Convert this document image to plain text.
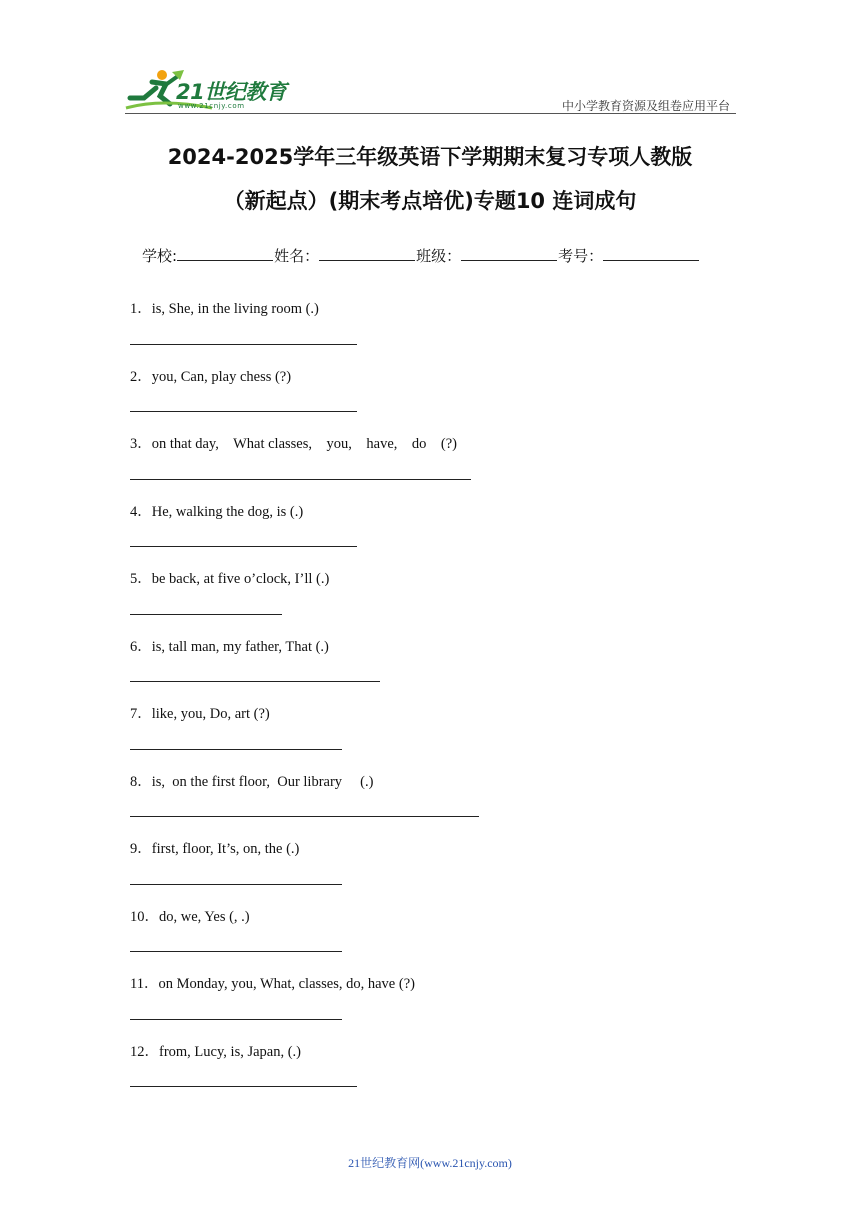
21世纪教育
www.21cnjy.com	中小学教育资源及组卷应用平台
2024-2025学年三年级英语下学期期末复习专项人教版
（新起点）(期末考点培优)专题10 连词成句
学校:	姓名：	班级：	考号：
1．is, She, in the living room (.)
2．you, Can, play chess (?)
3．on that day,    What classes,    you,    have,    do    (?)
4．He, walking the dog, is (.)
5．be back, at five o’clock, I’ll (.)
6．is, tall man, my father, That (.)
7．like, you, Do, art (?)
8．is,  on the first floor,  Our library     (.)
9．first, floor, It’s, on, the (.)
10．do, we, Yes (, .)
11．on Monday, you, What, classes, do, have (?)
12．from, Lucy, is, Japan, (.)
21世纪教育网(www.21cnjy.com)
